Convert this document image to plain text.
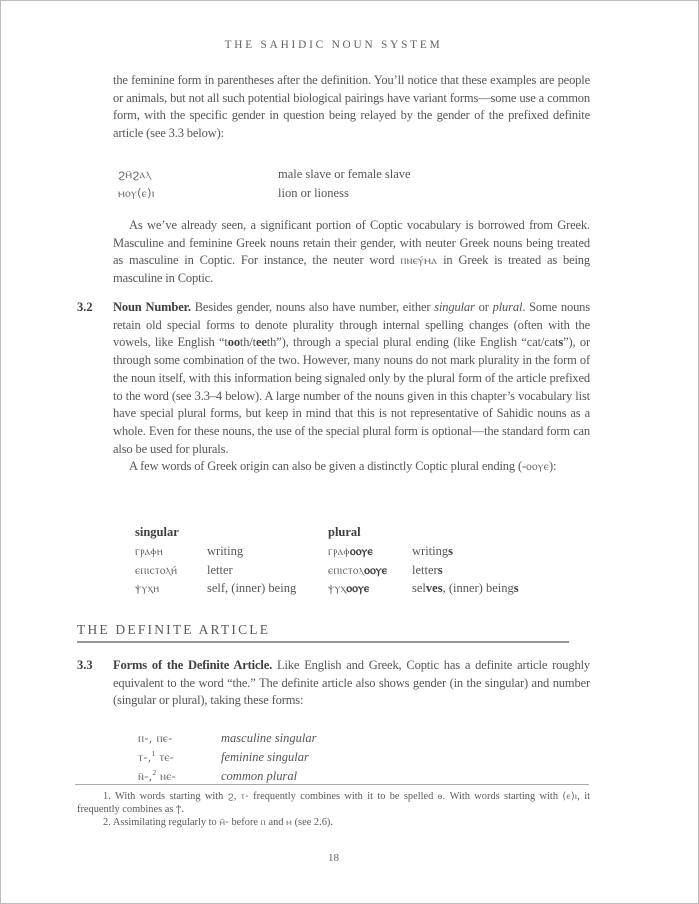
THE SAHIDIC NOUN SYSTEM

the feminine form in parentheses after the definition. You’ll notice that these examples are people or animals, but not all such potential biological pairings have variant forms—some use a common form, with the specific gender in question being relayed by the gender of the prefixed definite article (see 3.3 below):

ϩⲙ̄ϩⲁⲗ	male slave or female slave
ⲙⲟⲩ(ⲉ)ⲓ	lion or lioness

As we’ve already seen, a significant portion of Coptic vocabulary is borrowed from Greek. Masculine and feminine Greek nouns retain their gender, with neuter Greek nouns being treated as masculine in Coptic. For instance, the neuter word ⲡⲛⲉⲩ́ⲙⲁ in Greek is treated as being masculine in Coptic.

3.2 Noun Number. Besides gender, nouns also have number, either singular or plural. Some nouns retain old special forms to denote plurality through internal spelling changes (often with the vowels, like English “tooth/teeth”), through a special plural ending (like English “cat/cats”), or through some combination of the two. However, many nouns do not mark plurality in the form of the noun itself, with this information being signaled only by the plural form of the article prefixed to the word (see 3.3–4 below). A large number of the nouns given in this chapter’s vocabulary list have special plural forms, but keep in mind that this is not representative of Sahidic nouns as a whole. Even for these nouns, the use of the special plural form is optional—the standard form can also be used for plurals.

A few words of Greek origin can also be given a distinctly Coptic plural ending (-ⲟⲟⲩⲉ):

singular	plural
ⲅⲣⲁⲫⲏ	writing	ⲅⲣⲁⲫⲟⲟⲩⲉ	writings
ⲉⲡⲓⲥⲧⲟⲗⲏ́	letter	ⲉⲡⲓⲥⲧⲟⲗⲟⲟⲩⲉ	letters
ⲯⲩⲭⲏ	self, (inner) being	ⲯⲩⲭⲟⲟⲩⲉ	selves, (inner) beings
THE DEFINITE ARTICLE
3.3 Forms of the Definite Article. Like English and Greek, Coptic has a definite article roughly equivalent to the word “the.” The definite article also shows gender (in the singular) and number (singular or plural), taking these forms:

ⲡ-, ⲡⲉ-	masculine singular
ⲧ-,$^1$ ⲧⲉ-	feminine singular
ⲛ̄-,$^2$ ⲛⲉ-	common plural

1. With words starting with ϩ, ⲧ- frequently combines with it to be spelled ⲑ. With words starting with (ⲉ)ⲓ, it frequently combines as ϯ.

2. Assimilating regularly to ⲙ̄- before ⲡ and ⲙ (see 2.6).

18
